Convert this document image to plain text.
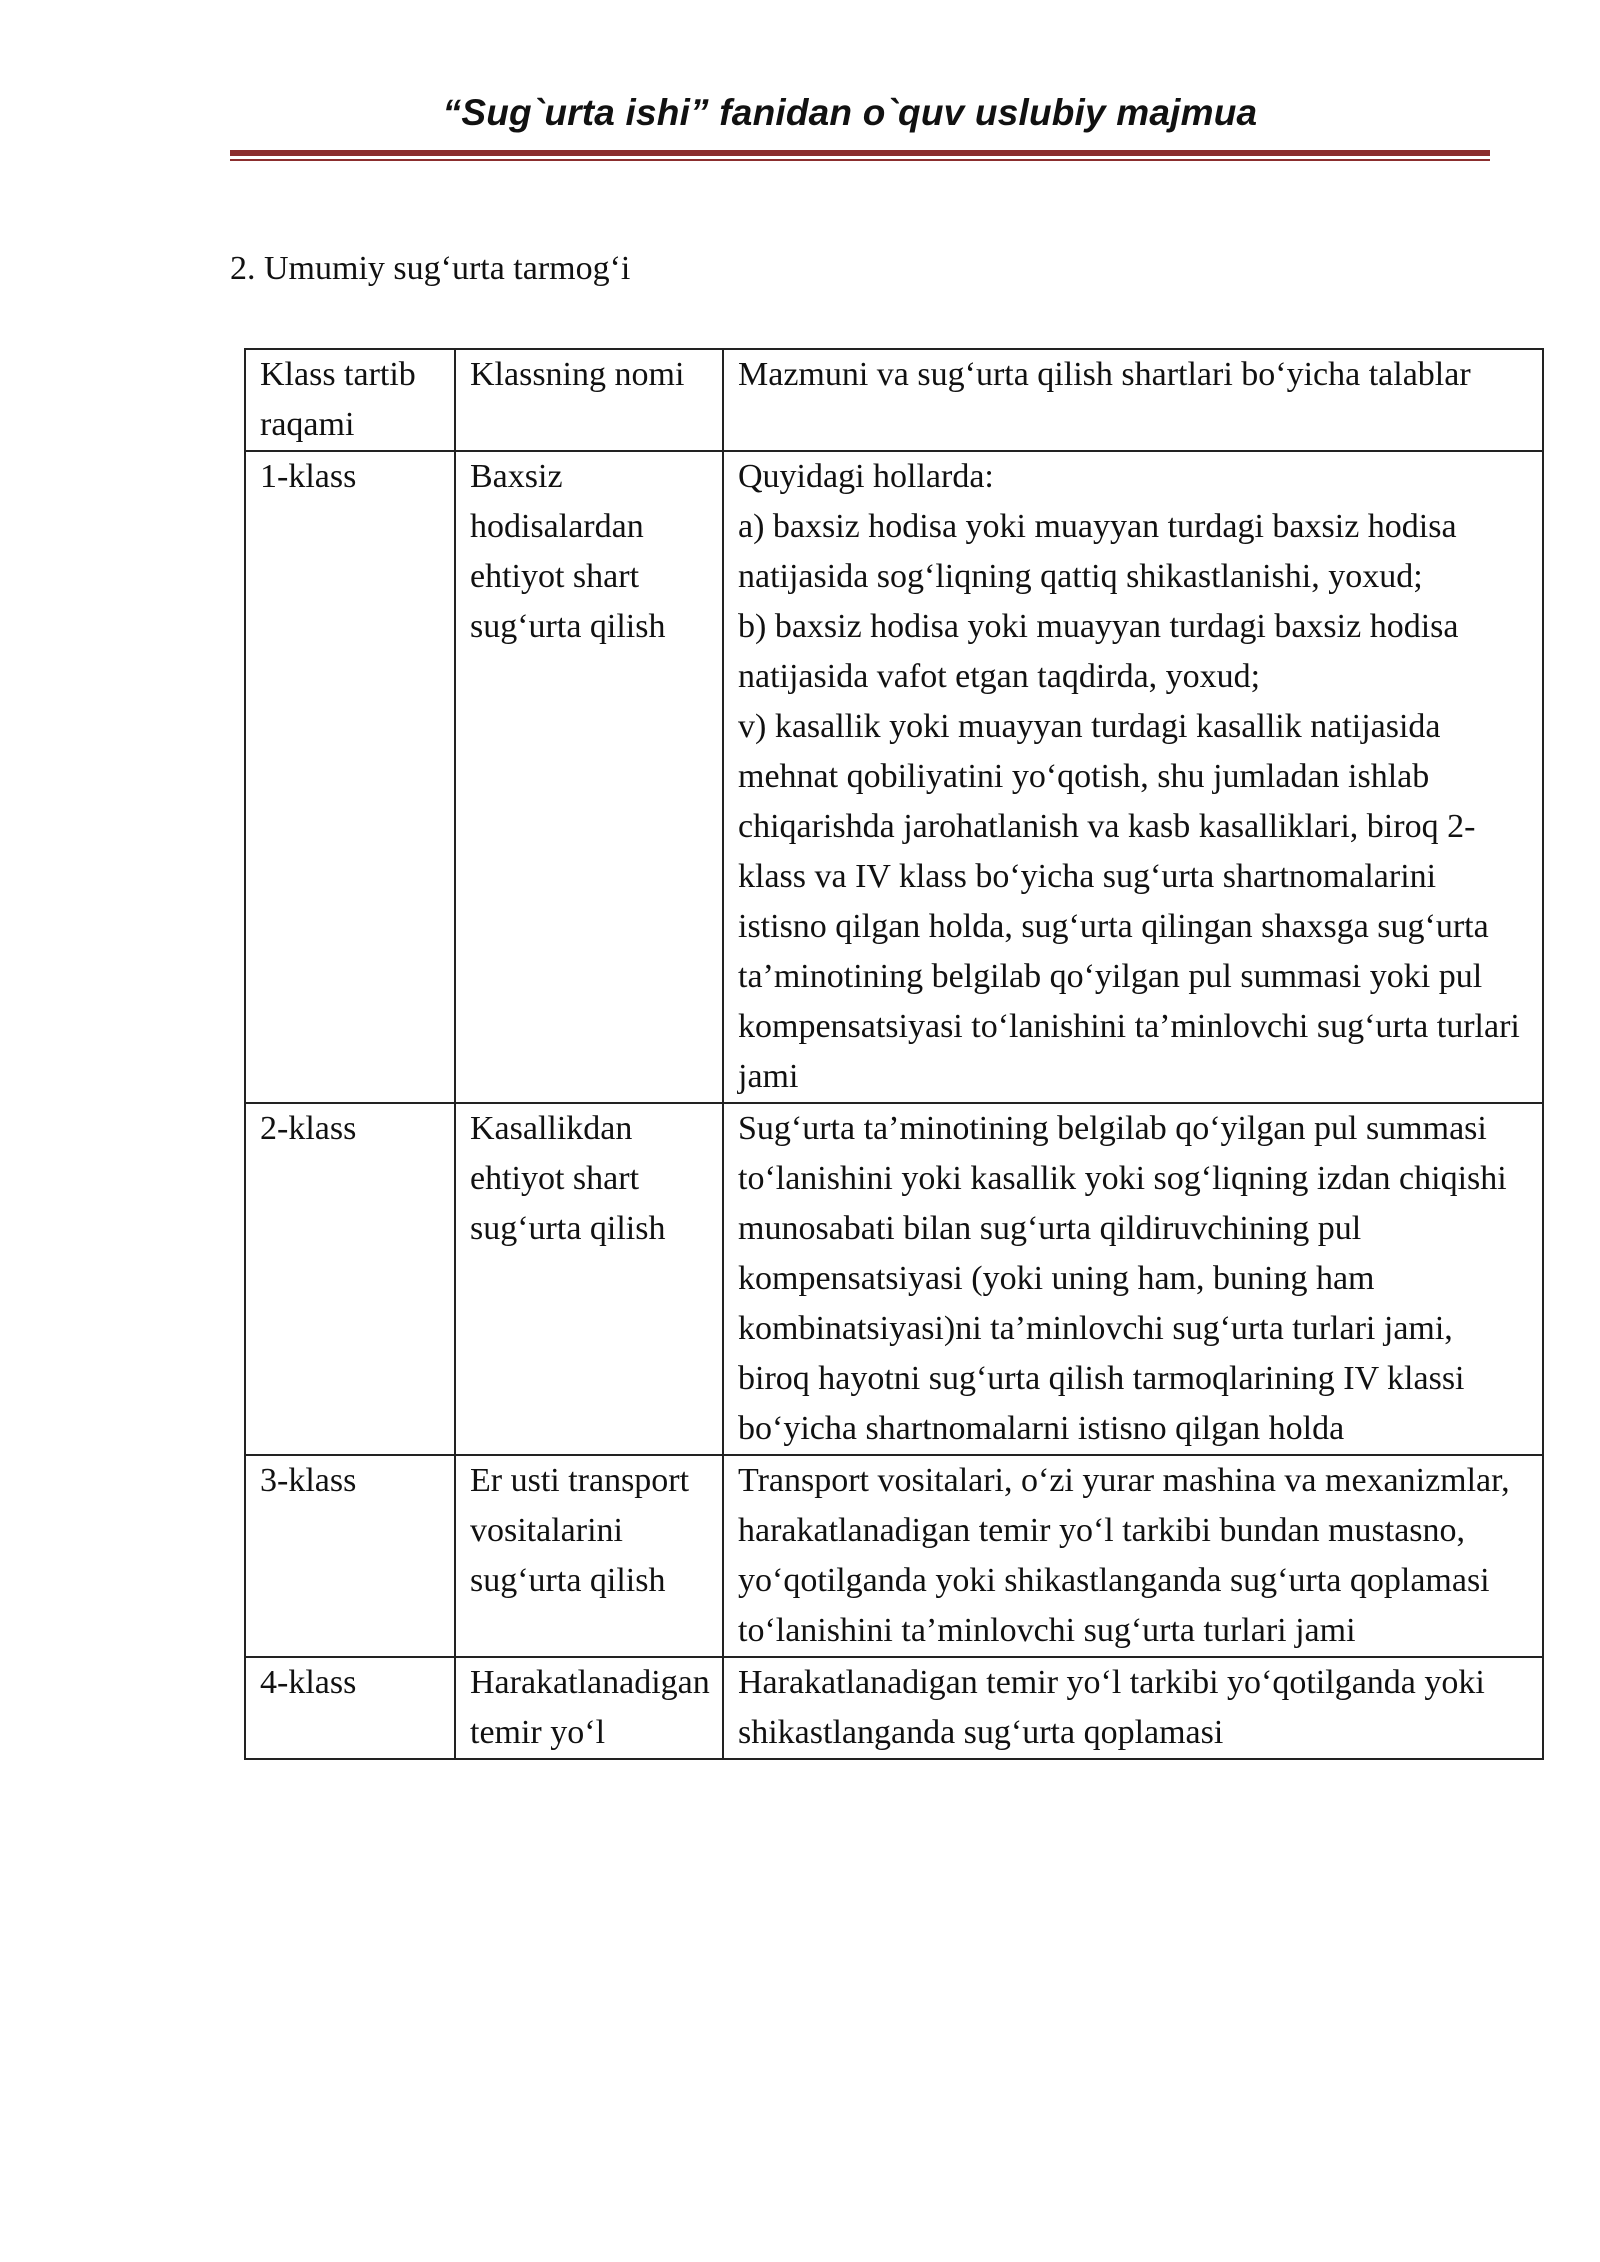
“Sug`urta ishi” fanidan o`quv uslubiy majmua
2. Umumiy sug‘urta tarmog‘i
Klass tartib raqami	Klassning nomi	Mazmuni va sug‘urta qilish shartlari bo‘yicha talablar
1-klass	Baxsiz hodisalardan ehtiyot shart sug‘urta qilish	Quyidagi hollarda:
a) baxsiz hodisa yoki muayyan turdagi baxsiz hodisa natijasida sog‘liqning qattiq shikastlanishi, yoxud;
b) baxsiz hodisa yoki muayyan turdagi baxsiz hodisa natijasida vafot etgan taqdirda, yoxud;
v) kasallik yoki muayyan turdagi kasallik natijasida mehnat qobiliyatini yo‘qotish, shu jumladan ishlab chiqarishda jarohatlanish va kasb kasalliklari, biroq 2-klass va IV klass bo‘yicha sug‘urta shartnomalarini istisno qilgan holda, sug‘urta qilingan shaxsga sug‘urta ta’minotining belgilab qo‘yilgan pul summasi yoki pul kompensatsiyasi to‘lanishini ta’minlovchi sug‘urta turlari jami

2-klass	Kasallikdan ehtiyot shart sug‘urta qilish	Sug‘urta ta’minotining belgilab qo‘yilgan pul summasi to‘lanishini yoki kasallik yoki sog‘liqning izdan chiqishi munosabati bilan sug‘urta qildiruvchining pul kompensatsiyasi (yoki uning ham, buning ham kombinatsiyasi)ni ta’minlovchi sug‘urta turlari jami, biroq hayotni sug‘urta qilish tarmoqlarining IV klassi bo‘yicha shartnomalarni istisno qilgan holda

3-klass	Er usti transport vositalarini sug‘urta qilish	Transport vositalari, o‘zi yurar mashina va mexanizmlar, harakatlanadigan temir yo‘l tarkibi bundan mustasno, yo‘qotilganda yoki shikastlanganda sug‘urta qoplamasi to‘lanishini ta’minlovchi sug‘urta turlari jami

4-klass	Harakatlanadigan temir yo‘l	Harakatlanadigan temir yo‘l tarkibi yo‘qotilganda yoki shikastlanganda sug‘urta qoplamasi
